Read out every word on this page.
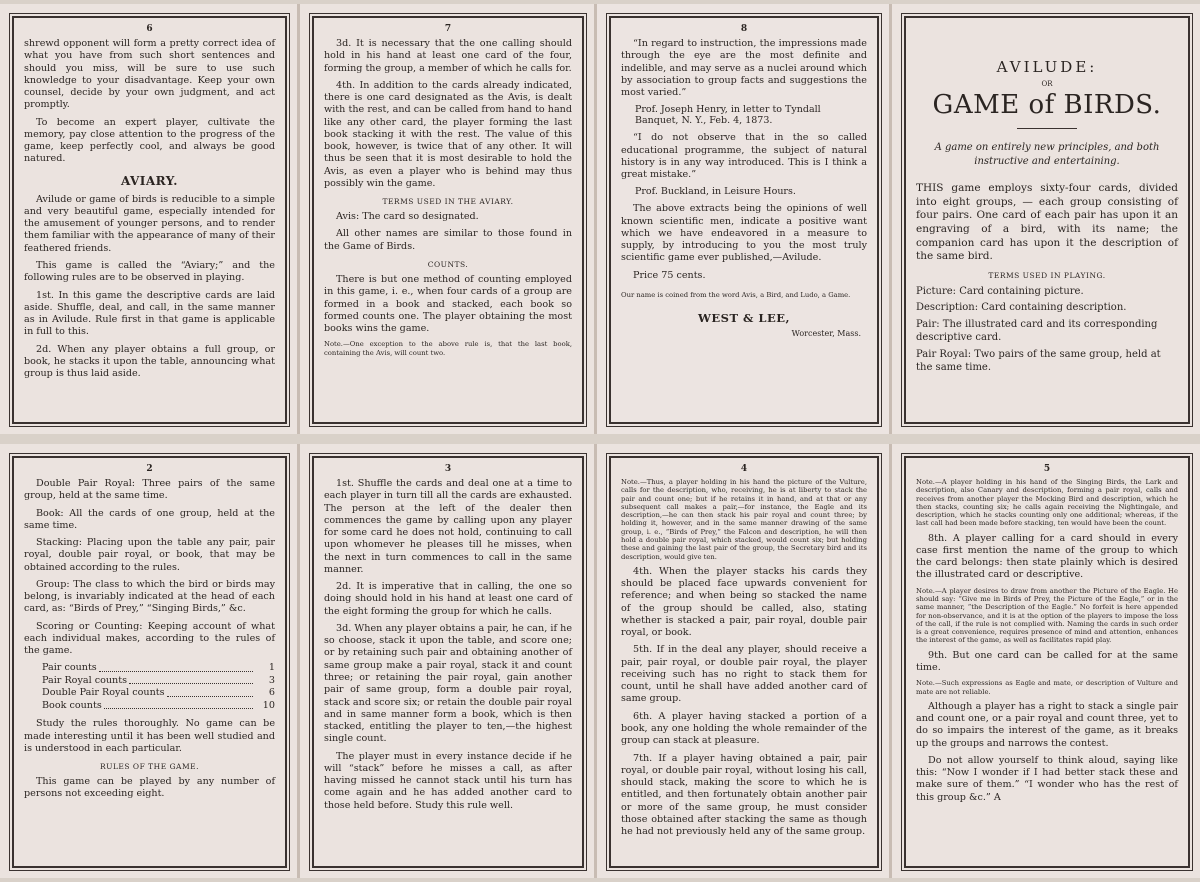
6

shrewd opponent will form a pretty correct idea of what you have from such short sentences and should you miss, will be sure to use such knowledge to your disadvantage. Keep your own counsel, decide by your own judgment, and act promptly.

To become an expert player, cultivate the memory, pay close attention to the progress of the game, keep perfectly cool, and always be good natured.

AVIARY.

Avilude or game of birds is reducible to a simple and very beautiful game, especially intended for the amusement of younger persons, and to render them familiar with the appearance of many of their feathered friends.

This game is called the “Aviary;” and the following rules are to be observed in playing.

1st. In this game the descriptive cards are laid aside. Shuffle, deal, and call, in the same manner as in Avilude. Rule first in that game is applicable in full to this.

2d. When any player obtains a full group, or book, he stacks it upon the table, announcing what group is thus laid aside.

7

3d. It is necessary that the one calling should hold in his hand at least one card of the four, forming the group, a member of which he calls for.

4th. In addition to the cards already indicated, there is one card designated as the Avis, is dealt with the rest, and can be called from hand to hand like any other card, the player forming the last book stacking it with the rest. The value of this book, however, is twice that of any other. It will thus be seen that it is most desirable to hold the Avis, as even a player who is behind may thus possibly win the game.

TERMS USED IN THE AVIARY.

Avis: The card so designated.

All other names are similar to those found in the Game of Birds.

COUNTS.

There is but one method of counting employed in this game, i. e., when four cards of a group are formed in a book and stacked, each book so formed counts one. The player obtaining the most books wins the game.

Note.—One exception to the above rule is, that the last book, containing the Avis, will count two.

8

“In regard to instruction, the impressions made through the eye are the most definite and indelible, and may serve as a nuclei around which by association to group facts and suggestions the most varied.”

Prof. Joseph Henry, in letter to Tyndall Banquet, N. Y., Feb. 4, 1873.

“I do not observe that in the so called educational programme, the subject of natural history is in any way introduced. This is I think a great mistake.”

Prof. Buckland, in Leisure Hours.

The above extracts being the opinions of well known scientific men, indicate a positive want which we have endeavored in a measure to supply, by introducing to you the most truly scientific game ever published,—Avilude.

Price 75 cents.

Our name is coined from the word Avis, a Bird, and Ludo, a Game.

WEST & LEE,
Worcester, Mass.
AVILUDE:
OR
GAME of BIRDS.
A game on entirely new principles, and both instructive and entertaining.

THIS game employs sixty-four cards, divided into eight groups, — each group consisting of four pairs. One card of each pair has upon it an engraving of a bird, with its name; the companion card has upon it the description of the same bird.

TERMS USED IN PLAYING.
Picture: Card containing picture.
Description: Card containing description.
Pair: The illustrated card and its corresponding descriptive card.
Pair Royal: Two pairs of the same group, held at the same time.
2

Double Pair Royal: Three pairs of the same group, held at the same time.

Book: All the cards of one group, held at the same time.

Stacking: Placing upon the table any pair, pair royal, double pair royal, or book, that may be obtained according to the rules.

Group: The class to which the bird or birds may belong, is invariably indicated at the head of each card, as: “Birds of Prey,” “Singing Birds,” &c.

Scoring or Counting: Keeping account of what each individual makes, according to the rules of the game.

Pair counts	1
Pair Royal counts	3
Double Pair Royal counts	6
Book counts	10

Study the rules thoroughly. No game can be made interesting until it has been well studied and is understood in each particular.

RULES OF THE GAME.

This game can be played by any number of persons not exceeding eight.

3

1st. Shuffle the cards and deal one at a time to each player in turn till all the cards are exhausted. The person at the left of the dealer then commences the game by calling upon any player for some card he does not hold, continuing to call upon whomever he pleases till he misses, when the next in turn commences to call in the same manner.

2d. It is imperative that in calling, the one so doing should hold in his hand at least one card of the eight forming the group for which he calls.

3d. When any player obtains a pair, he can, if he so choose, stack it upon the table, and score one; or by retaining such pair and obtaining another of same group make a pair royal, stack it and count three; or retaining the pair royal, gain another pair of same group, form a double pair royal, stack and score six; or retain the double pair royal and in same manner form a book, which is then stacked, entitling the player to ten,—the highest single count.

The player must in every instance decide if he will “stack” before he misses a call, as after having missed he cannot stack until his turn has come again and he has added another card to those held before. Study this rule well.

4

Note.—Thus, a player holding in his hand the picture of the Vulture, calls for the description, who, receiving, he is at liberty to stack the pair and count one; but if he retains it in hand, and at that or any subsequent call makes a pair,—for instance, the Eagle and its description,—he can then stack his pair royal and count three; by holding it, however, and in the same manner drawing of the same group, i. e., “Birds of Prey,” the Falcon and description, he will then hold a double pair royal, which stacked, would count six; but holding these and gaining the last pair of the group, the Secretary bird and its description, would give ten.

4th. When the player stacks his cards they should be placed face upwards convenient for reference; and when being so stacked the name of the group should be called, also, stating whether is stacked a pair, pair royal, double pair royal, or book.

5th. If in the deal any player, should receive a pair, pair royal, or double pair royal, the player receiving such has no right to stack them for count, until he shall have added another card of same group.

6th. A player having stacked a portion of a book, any one holding the whole remainder of the group can stack at pleasure.

7th. If a player having obtained a pair, pair royal, or double pair royal, without losing his call, should stack, making the score to which he is entitled, and then fortunately obtain another pair or more of the same group, he must consider those obtained after stacking the same as though he had not previously held any of the same group.

5

Note.—A player holding in his hand of the Singing Birds, the Lark and description, also Canary and description, forming a pair royal, calls and receives from another player the Mocking Bird and description, which he then stacks, counting six; he calls again receiving the Nightingale, and description, which he stacks counting only one additional; whereas, if the last call had been made before stacking, ten would have been the count.

8th. A player calling for a card should in every case first mention the name of the group to which the card belongs: then state plainly which is desired the illustrated card or descriptive.

Note.—A player desires to draw from another the Picture of the Eagle. He should say: “Give me in Birds of Prey, the Picture of the Eagle,” or in the same manner, “the Description of the Eagle.” No forfeit is here appended for non-observance, and it is at the option of the players to impose the loss of the call, if the rule is not complied with. Naming the cards in such order is a great convenience, requires presence of mind and attention, enhances the interest of the game, as well as facilitates rapid play.

9th. But one card can be called for at the same time.

Note.—Such expressions as Eagle and mate, or description of Vulture and mate are not reliable.

Although a player has a right to stack a single pair and count one, or a pair royal and count three, yet to do so impairs the interest of the game, as it breaks up the groups and narrows the contest.

Do not allow yourself to think aloud, saying like this: “Now I wonder if I had better stack these and make sure of them.” “I wonder who has the rest of this group &c.” A
